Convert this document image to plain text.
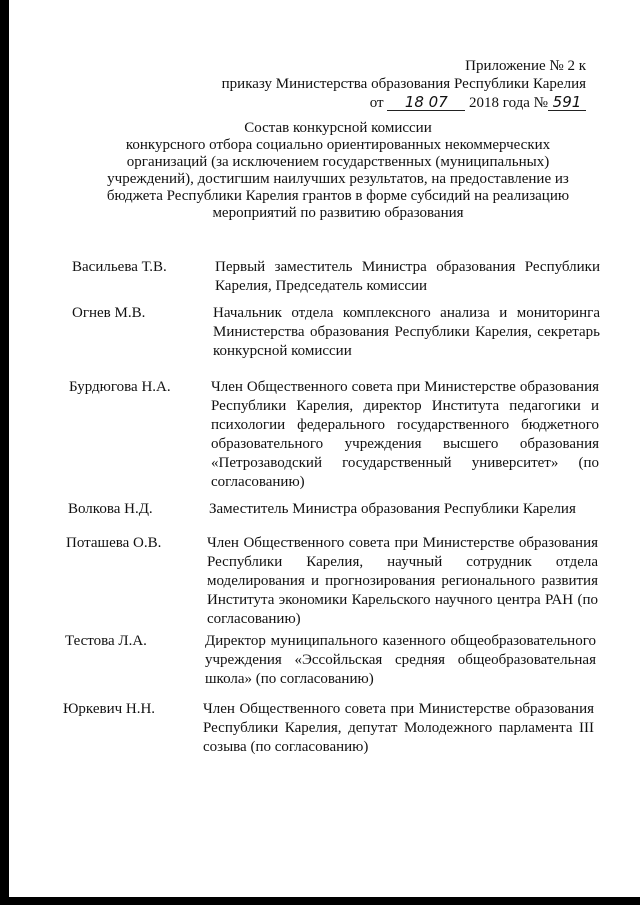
Приложение № 2 к
приказу Министерства образования Республики Карелия
от 18 07 2018 года № 591
Состав конкурсной комиссии
конкурсного отбора социально ориентированных некоммерческих
организаций (за исключением государственных (муниципальных)
учреждений), достигшим наилучших результатов, на предоставление из
бюджета Республики Карелия грантов в форме субсидий на реализацию
мероприятий по развитию образования
Васильева Т.В.	Первый заместитель Министра образования Республики Карелия, Председатель комиссии
Огнев М.В.	Начальник отдела комплексного анализа и мониторинга Министерства образования Республики Карелия, секретарь конкурсной комиссии
Бурдюгова Н.А.	Член Общественного совета при Министерстве образования Республики Карелия, директор Института педагогики и психологии федерального государственного бюджетного образовательного учреждения высшего образования «Петрозаводский государственный университет» (по согласованию)
Волкова Н.Д.	Заместитель Министра образования Республики Карелия
Поташева О.В.	Член Общественного совета при Министерстве образования Республики Карелия, научный сотрудник отдела моделирования и прогнозирования регионального развития Института экономики Карельского научного центра РАН (по согласованию)
Тестова Л.А.	Директор муниципального казенного общеобразовательного учреждения «Эссойльская средняя общеобразовательная школа» (по согласованию)
Юркевич Н.Н.	Член Общественного совета при Министерстве образования Республики Карелия, депутат Молодежного парламента III созыва (по согласованию)
